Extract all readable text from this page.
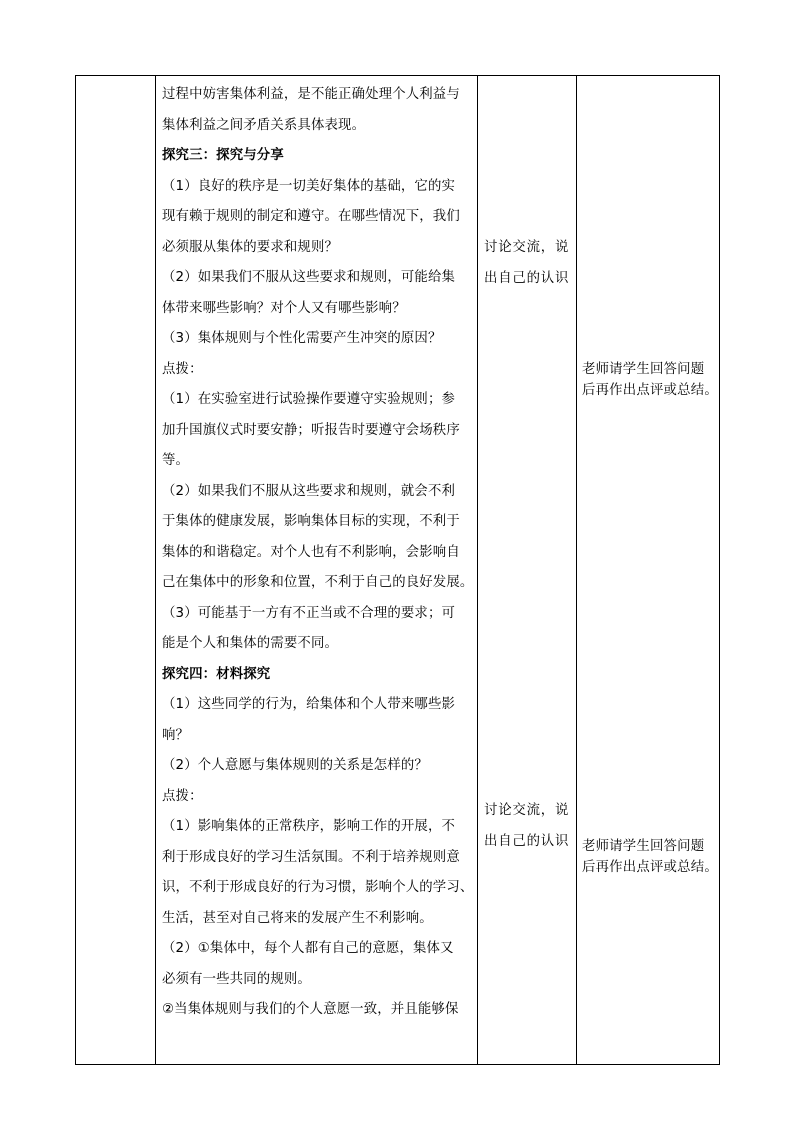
过程中妨害集体利益，是不能正确处理个人利益与
集体利益之间矛盾关系具体表现。
探究三：探究与分享
（1）良好的秩序是一切美好集体的基础，它的实
现有赖于规则的制定和遵守。在哪些情况下，我们
必须服从集体的要求和规则？
（2）如果我们不服从这些要求和规则，可能给集
体带来哪些影响？对个人又有哪些影响？
（3）集体规则与个性化需要产生冲突的原因？
点拨：
（1）在实验室进行试验操作要遵守实验规则；参
加升国旗仪式时要安静；听报告时要遵守会场秩序
等。
（2）如果我们不服从这些要求和规则，就会不利
于集体的健康发展，影响集体目标的实现，不利于
集体的和谐稳定。对个人也有不利影响，会影响自
己在集体中的形象和位置，不利于自己的良好发展。
（3）可能基于一方有不正当或不合理的要求；可
能是个人和集体的需要不同。
探究四：材料探究
（1）这些同学的行为，给集体和个人带来哪些影
响？
（2）个人意愿与集体规则的关系是怎样的？
点拨：
（1）影响集体的正常秩序，影响工作的开展，不
利于形成良好的学习生活氛围。不利于培养规则意
识，不利于形成良好的行为习惯，影响个人的学习、
生活，甚至对自己将来的发展产生不利影响。
（2）①集体中，每个人都有自己的意愿，集体又
必须有一些共同的规则。
②当集体规则与我们的个人意愿一致，并且能够保
讨论交流，说
出自己的认识
讨论交流，说
出自己的认识
老师请学生回答问题
后再作出点评或总结。
老师请学生回答问题
后再作出点评或总结。
